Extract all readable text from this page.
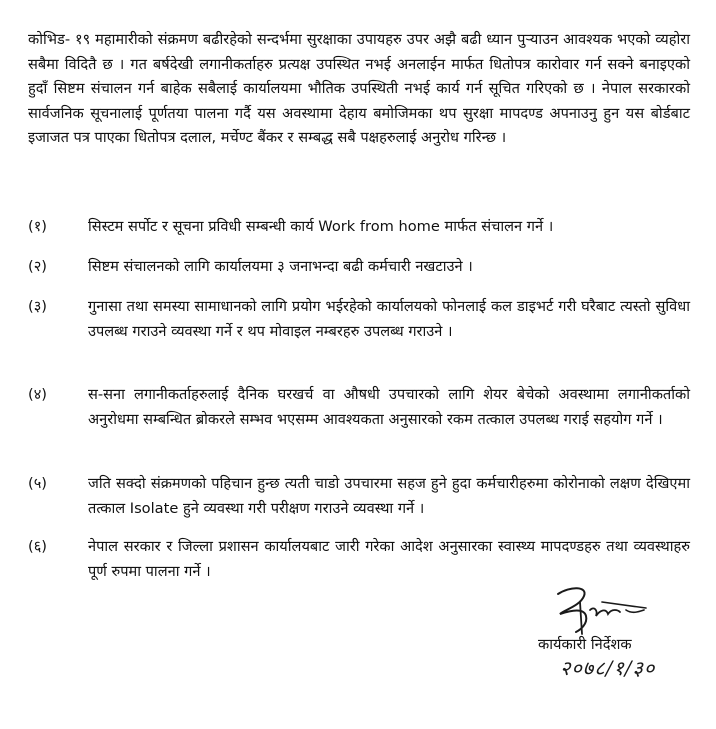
कोभिड- १९ महामारीको संक्रमण बढीरहेको सन्दर्भमा सुरक्षाका उपायहरु उपर अझै बढी ध्यान पुर्‍याउन आवश्यक भएको व्यहोरा सबैमा विदितै छ । गत बर्षदेखी लगानीकर्ताहरु प्रत्यक्ष उपस्थित नभई अनलाईन मार्फत धितोपत्र कारोवार गर्न सक्ने बनाइएको हुदाँ सिष्टम संचालन गर्न बाहेक सबैलाई कार्यालयमा भौतिक उपस्थिती नभई कार्य गर्न सूचित गरिएको छ । नेपाल सरकारको सार्वजनिक सूचनालाई पूर्णतया पालना गर्दै यस अवस्थामा देहाय बमोजिमका थप सुरक्षा मापदण्ड अपनाउनु हुन यस बोर्डबाट इजाजत पत्र पाएका धितोपत्र दलाल, मर्चेण्ट बैंकर र सम्बद्ध सबै पक्षहरुलाई अनुरोध गरिन्छ ।

(१)	सिस्टम सर्पोट र सूचना प्रविधी सम्बन्धी कार्य Work from home मार्फत संचालन गर्ने ।
(२)	सिष्टम संचालनको लागि कार्यालयमा ३ जनाभन्दा बढी कर्मचारी नखटाउने ।
(३)	गुनासा तथा समस्या सामाधानको लागि प्रयोग भईरहेको कार्यालयको फोनलाई कल डाइभर्ट गरी घरैबाट त्यस्तो सुविधा उपलब्ध गराउने व्यवस्था गर्ने र थप मोवाइल नम्बरहरु उपलब्ध गराउने ।
(४)	स-सना लगानीकर्ताहरुलाई दैनिक घरखर्च वा औषधी उपचारको लागि शेयर बेचेको अवस्थामा लगानीकर्ताको अनुरोधमा सम्बन्धित ब्रोकरले सम्भव भएसम्म आवश्यकता अनुसारको रकम तत्काल उपलब्ध गराई सहयोग गर्ने ।
(५)	जति सक्दो संक्रमणको पहिचान हुन्छ त्यती चाडो उपचारमा सहज हुने हुदा कर्मचारीहरुमा कोरोनाको लक्षण देखिएमा तत्काल Isolate हुने व्यवस्था गरी परीक्षण गराउने व्यवस्था गर्ने ।
(६)	नेपाल सरकार र जिल्ला प्रशासन कार्यालयबाट जारी गरेका आदेश अनुसारका स्वास्थ्य मापदण्डहरु तथा व्यवस्थाहरु पूर्ण रुपमा पालना गर्ने ।
कार्यकारी निर्देशक
२०७८/१/३०
